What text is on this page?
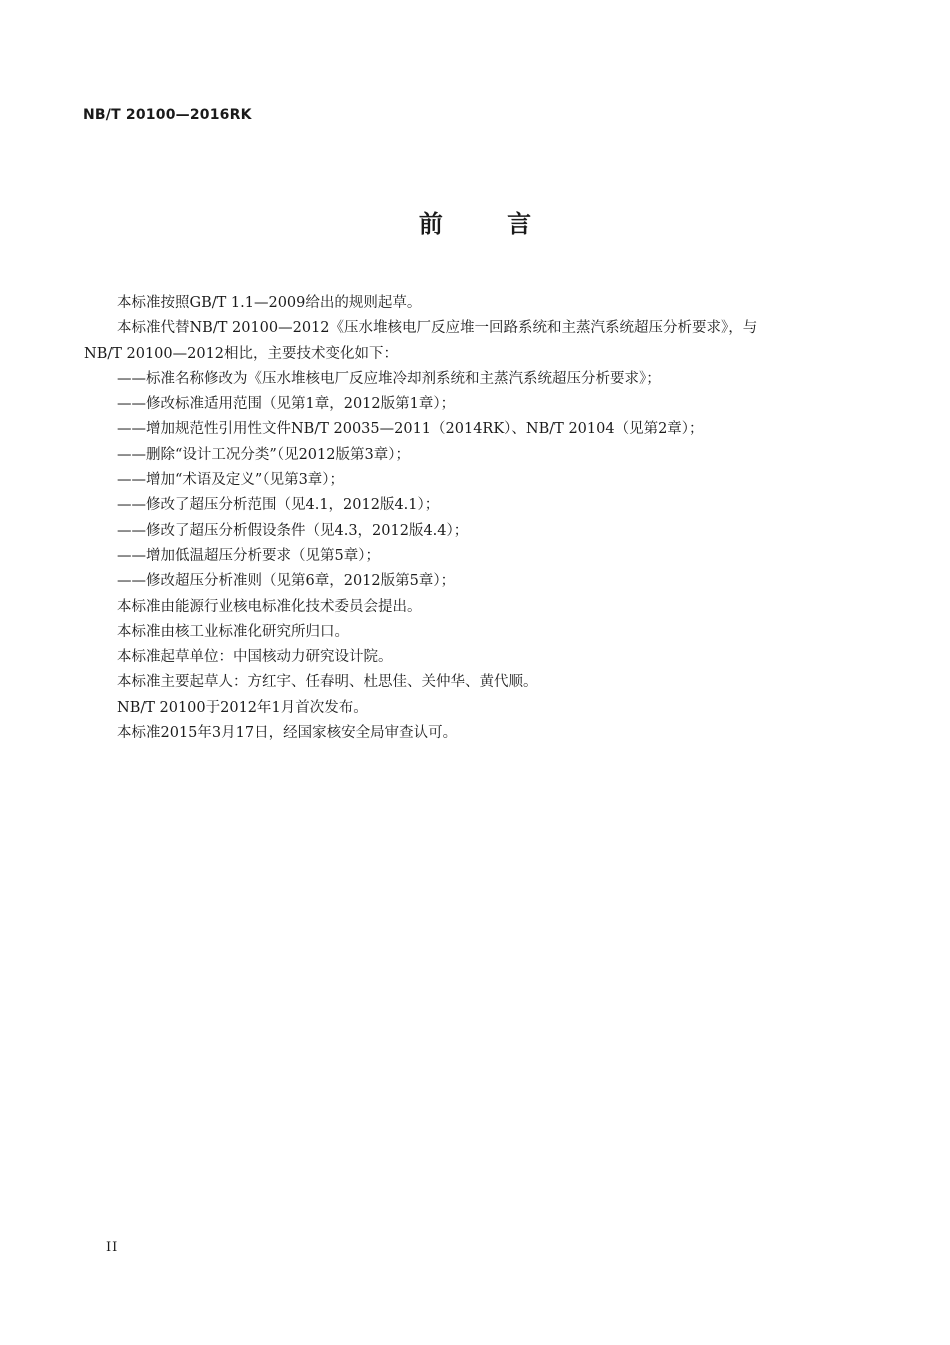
NB/T 20100—2016RK
前 言
本标准按照GB/T 1.1—2009给出的规则起草。
本标准代替NB/T 20100—2012《压水堆核电厂反应堆一回路系统和主蒸汽系统超压分析要求》，与
NB/T 20100—2012相比，主要技术变化如下：
——标准名称修改为《压水堆核电厂反应堆冷却剂系统和主蒸汽系统超压分析要求》；
——修改标准适用范围（见第1章，2012版第1章）；
——增加规范性引用性文件NB/T 20035—2011（2014RK）、NB/T 20104（见第2章）；
——删除“设计工况分类”（见2012版第3章）；
——增加“术语及定义”（见第3章）；
——修改了超压分析范围（见4.1，2012版4.1）；
——修改了超压分析假设条件（见4.3，2012版4.4）；
——增加低温超压分析要求（见第5章）；
——修改超压分析准则（见第6章，2012版第5章）；
本标准由能源行业核电标准化技术委员会提出。
本标准由核工业标准化研究所归口。
本标准起草单位：中国核动力研究设计院。
本标准主要起草人：方红宇、任春明、杜思佳、关仲华、黄代顺。
NB/T 20100于2012年1月首次发布。
本标准2015年3月17日，经国家核安全局审查认可。
II
